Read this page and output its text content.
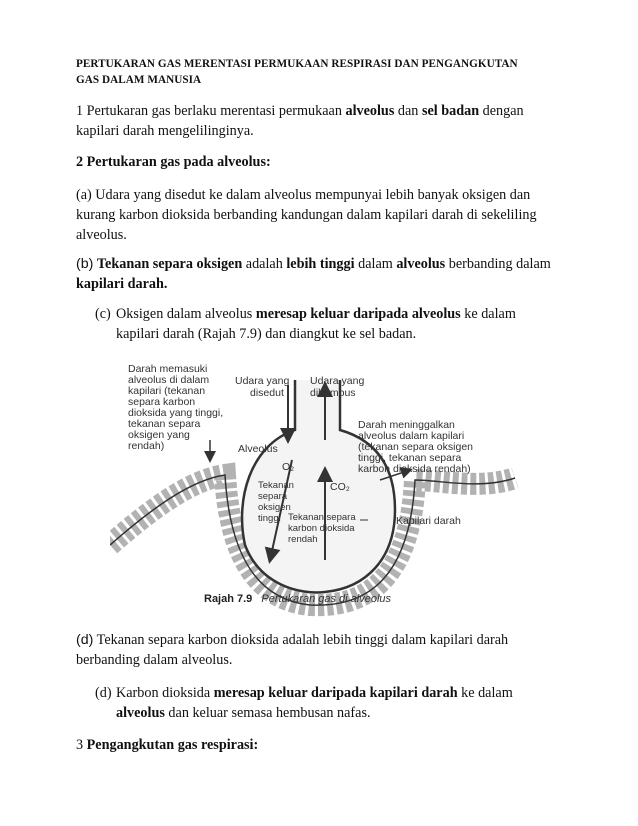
PERTUKARAN GAS MERENTASI PERMUKAAN RESPIRASI DAN PENGANGKUTAN
GAS DALAM MANUSIA
1 Pertukaran gas berlaku merentasi permukaan alveolus dan sel badan dengan
kapilari darah mengelilinginya.
2 Pertukaran gas pada alveolus:
(a) Udara yang disedut ke dalam alveolus mempunyai lebih banyak oksigen dan
kurang karbon dioksida berbanding kandungan dalam kapilari darah di sekeliling
alveolus.
(b) Tekanan separa oksigen adalah lebih tinggi dalam alveolus berbanding dalam
kapilari darah.
(c) Oksigen dalam alveolus meresap keluar daripada alveolus ke dalam
kapilari darah (Rajah 7.9) dan diangkut ke sel badan.
Darah memasuki alveolus di dalam kapilari (tekanan separa karbon dioksida yang tinggi, tekanan separa oksigen yang rendah)
Udara yang disedut
Udara yang dihembus
Alveolus
Darah meninggalkan alveolus dalam kapilari (tekanan separa oksigen tinggi, tekanan separa karbon dioksida rendah)
O₂
CO₂
Tekanan separa oksigen tinggi Tekanan separa karbon dioksida rendah
Kapilari darah
Rajah 7.9 Pertukaran gas di alveolus
(d) Tekanan separa karbon dioksida adalah lebih tinggi dalam kapilari darah
berbanding dalam alveolus.
(d) Karbon dioksida meresap keluar daripada kapilari darah ke dalam
alveolus dan keluar semasa hembusan nafas.
3 Pengangkutan gas respirasi:
